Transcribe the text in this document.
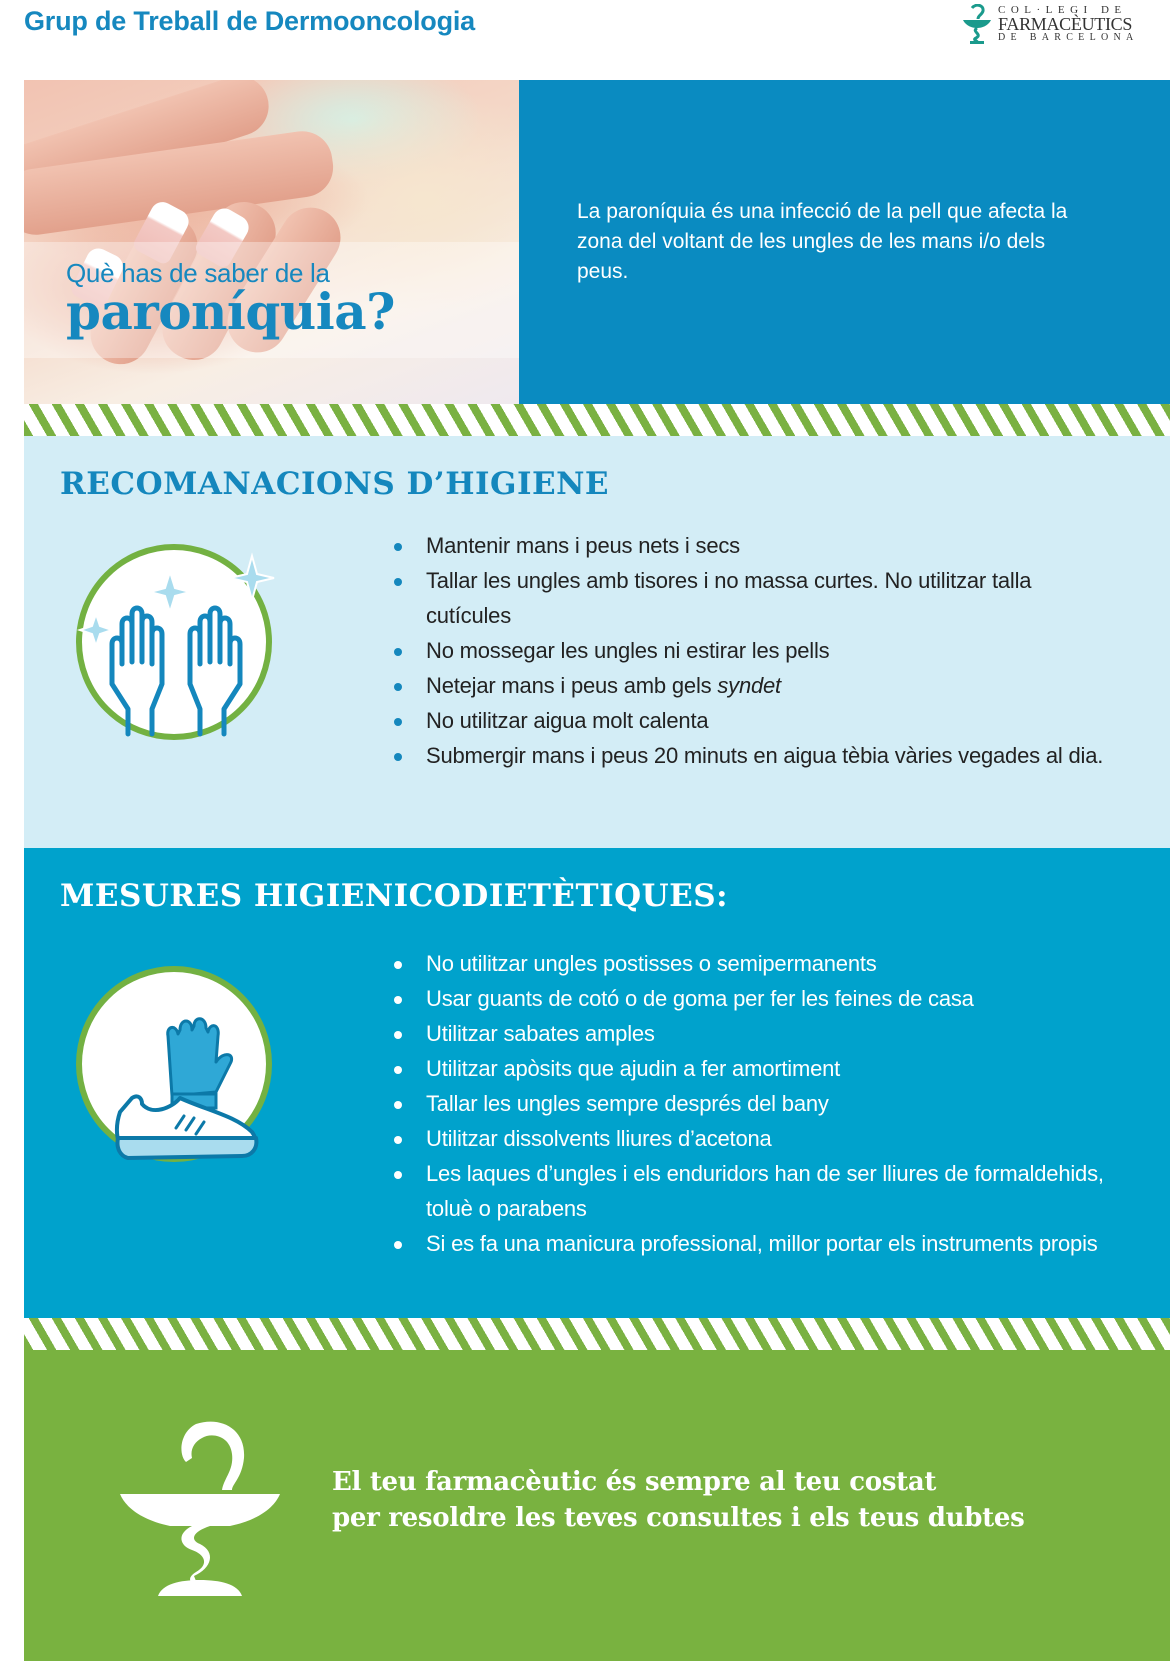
Grup de Treball de Dermooncologia	COL·LEGI DE
FARMACÈUTICS
DE BARCELONA
Què has de saber de la
paroníquia?

La paroníquia és una infecció de la pell que afecta la zona del voltant de les ungles de les mans i/o dels peus.

RECOMANACIONS D’HIGIENE
Mantenir mans i peus nets i secs
Tallar les ungles amb tisores i no massa curtes. No utilitzar talla cutícules
No mossegar les ungles ni estirar les pells
Netejar mans i peus amb gels syndet
No utilitzar aigua molt calenta
Submergir mans i peus 20 minuts en aigua tèbia vàries vegades al dia.
MESURES HIGIENICODIETÈTIQUES:
No utilitzar ungles postisses o semipermanents
Usar guants de cotó o de goma per fer les feines de casa
Utilitzar sabates amples
Utilitzar apòsits que ajudin a fer amortiment
Tallar les ungles sempre després del bany
Utilitzar dissolvents lliures d’acetona
Les laques d’ungles i els enduridors han de ser lliures de formaldehids, toluè o parabens
Si es fa una manicura professional, millor portar els instruments propis
El teu farmacèutic és sempre al teu costat
per resoldre les teves consultes i els teus dubtes
